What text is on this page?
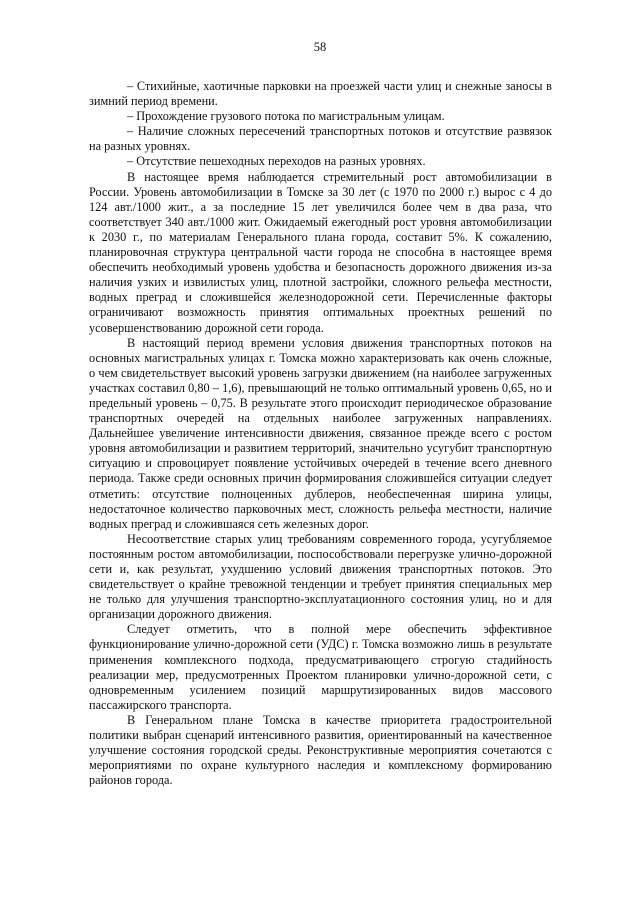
58

– Стихийные, хаотичные парковки на проезжей части улиц и снежные заносы в зимний период времени.

– Прохождение грузового потока по магистральным улицам.

– Наличие сложных пересечений транспортных потоков и отсутствие развязок на разных уровнях.

– Отсутствие пешеходных переходов на разных уровнях.

В настоящее время наблюдается стремительный рост автомобилизации в России. Уровень автомобилизации в Томске за 30 лет (с 1970 по 2000 г.) вырос с 4 до 124 авт./1000 жит., а за последние 15 лет увеличился более чем в два раза, что соответствует 340 авт./1000 жит. Ожидаемый ежегодный рост уровня автомобилизации к 2030 г., по материалам Генерального плана города, составит 5%. К сожалению, планировочная структура центральной части города не способна в настоящее время обеспечить необходимый уровень удобства и безопасность дорожного движения из-за наличия узких и извилистых улиц, плотной застройки, сложного рельефа местности, водных преград и сложившейся железнодорожной сети. Перечисленные факторы ограничивают возможность принятия оптимальных проектных решений по усовершенствованию дорожной сети города.

В настоящий период времени условия движения транспортных потоков на основных магистральных улицах г. Томска можно характеризовать как очень сложные, о чем свидетельствует высокий уровень загрузки движением (на наиболее загруженных участках составил 0,80 – 1,6), превышающий не только оптимальный уровень 0,65, но и предельный уровень – 0,75. В результате этого происходит периодическое образование транспортных очередей на отдельных наиболее загруженных направлениях. Дальнейшее увеличение интенсивности движения, связанное прежде всего с ростом уровня автомобилизации и развитием территорий, значительно усугубит транспортную ситуацию и спровоцирует появление устойчивых очередей в течение всего дневного периода. Также среди основных причин формирования сложившейся ситуации следует отметить: отсутствие полноценных дублеров, необеспеченная ширина улицы, недостаточное количество парковочных мест, сложность рельефа местности, наличие водных преград и сложившаяся сеть железных дорог.

Несоответствие старых улиц требованиям современного города, усугубляемое постоянным ростом автомобилизации, поспособствовали перегрузке улично-дорожной сети и, как результат, ухудшению условий движения транспортных потоков. Это свидетельствует о крайне тревожной тенденции и требует принятия специальных мер не только для улучшения транспортно-эксплуатационного состояния улиц, но и для организации дорожного движения.

Следует отметить, что в полной мере обеспечить эффективное функционирование улично-дорожной сети (УДС) г. Томска возможно лишь в результате применения комплексного подхода, предусматривающего строгую стадийность реализации мер, предусмотренных Проектом планировки улично-дорожной сети, с одновременным усилением позиций маршрутизированных видов массового пассажирского транспорта.

В Генеральном плане Томска в качестве приоритета градостроительной политики выбран сценарий интенсивного развития, ориентированный на качественное улучшение состояния городской среды. Реконструктивные мероприятия сочетаются с мероприятиями по охране культурного наследия и комплексному формированию районов города.
